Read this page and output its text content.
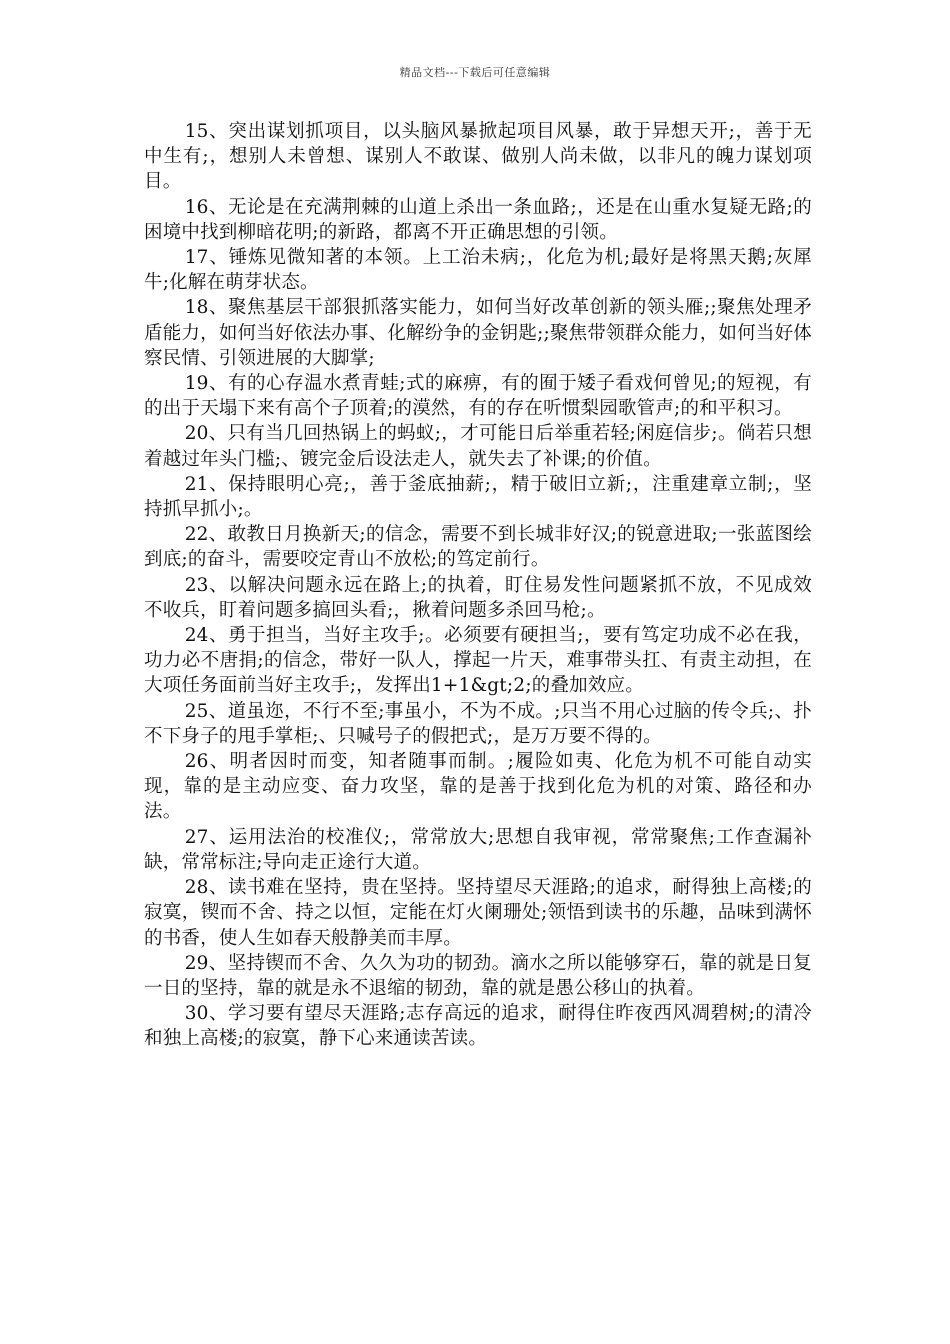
精品文档---下载后可任意编辑

15、突出谋划抓项目，以头脑风暴掀起项目风暴，敢于异想天开;，善于无中生有;，想别人未曾想、谋别人不敢谋、做别人尚未做，以非凡的魄力谋划项目。

16、无论是在充满荆棘的山道上杀出一条血路;，还是在山重水复疑无路;的困境中找到柳暗花明;的新路，都离不开正确思想的引领。

17、锤炼见微知著的本领。上工治未病;，化危为机;最好是将黑天鹅;灰犀牛;化解在萌芽状态。

18、聚焦基层干部狠抓落实能力，如何当好改革创新的领头雁;;聚焦处理矛盾能力，如何当好依法办事、化解纷争的金钥匙;;聚焦带领群众能力，如何当好体察民情、引领进展的大脚掌;

19、有的心存温水煮青蛙;式的麻痹，有的囿于矮子看戏何曾见;的短视，有的出于天塌下来有高个子顶着;的漠然，有的存在听惯梨园歌管声;的和平积习。

20、只有当几回热锅上的蚂蚁;，才可能日后举重若轻;闲庭信步;。倘若只想着越过年头门槛;、镀完金后设法走人，就失去了补课;的价值。

21、保持眼明心亮;，善于釜底抽薪;，精于破旧立新;，注重建章立制;，坚持抓早抓小;。

22、敢教日月换新天;的信念，需要不到长城非好汉;的锐意进取;一张蓝图绘到底;的奋斗，需要咬定青山不放松;的笃定前行。

23、以解决问题永远在路上;的执着，盯住易发性问题紧抓不放，不见成效不收兵，盯着问题多搞回头看;，揪着问题多杀回马枪;。

24、勇于担当，当好主攻手;。必须要有硬担当;，要有笃定功成不必在我，功力必不唐捐;的信念，带好一队人，撑起一片天，难事带头扛、有责主动担，在大项任务面前当好主攻手;，发挥出1+1&gt;2;的叠加效应。

25、道虽迩，不行不至;事虽小，不为不成。;只当不用心过脑的传令兵;、扑不下身子的甩手掌柜;、只喊号子的假把式;，是万万要不得的。

26、明者因时而变，知者随事而制。;履险如夷、化危为机不可能自动实现，靠的是主动应变、奋力攻坚，靠的是善于找到化危为机的对策、路径和办法。

27、运用法治的校准仪;，常常放大;思想自我审视，常常聚焦;工作查漏补缺，常常标注;导向走正途行大道。

28、读书难在坚持，贵在坚持。坚持望尽天涯路;的追求，耐得独上高楼;的寂寞，锲而不舍、持之以恒，定能在灯火阑珊处;领悟到读书的乐趣，品味到满怀的书香，使人生如春天般静美而丰厚。

29、坚持锲而不舍、久久为功的韧劲。滴水之所以能够穿石，靠的就是日复一日的坚持，靠的就是永不退缩的韧劲，靠的就是愚公移山的执着。

30、学习要有望尽天涯路;志存高远的追求，耐得住昨夜西风凋碧树;的清冷和独上高楼;的寂寞，静下心来通读苦读。
